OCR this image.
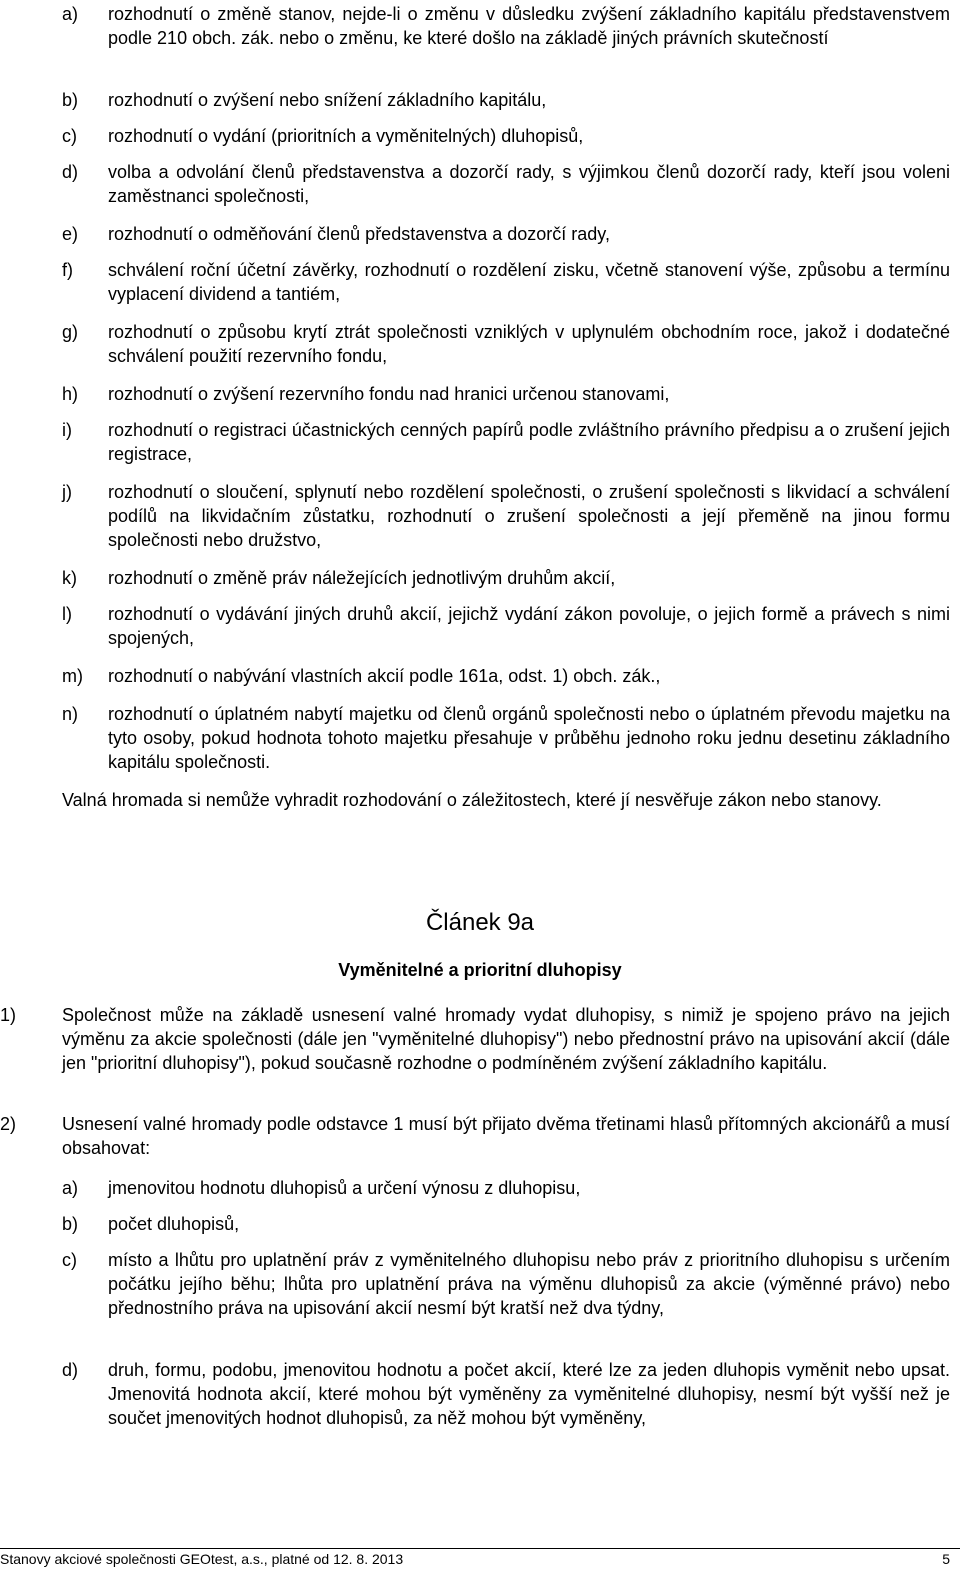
a)	rozhodnutí o změně stanov, nejde-li o změnu v důsledku zvýšení základního kapitálu představenstvem podle 210 obch. zák. nebo o změnu, ke které došlo na základě jiných právních skutečností
b)	rozhodnutí o zvýšení nebo snížení základního kapitálu,
c)	rozhodnutí o vydání (prioritních a vyměnitelných) dluhopisů,
d)	volba a odvolání členů představenstva a dozorčí rady, s výjimkou členů dozorčí rady, kteří jsou voleni zaměstnanci společnosti,
e)	rozhodnutí o odměňování členů představenstva a dozorčí rady,
f)	schválení roční účetní závěrky, rozhodnutí o rozdělení zisku, včetně stanovení výše, způsobu a termínu vyplacení dividend a tantiém,
g)	rozhodnutí o způsobu krytí ztrát společnosti vzniklých v uplynulém obchodním roce, jakož i dodatečné schválení použití rezervního fondu,
h)	rozhodnutí o zvýšení rezervního fondu nad hranici určenou stanovami,
i)	rozhodnutí o registraci účastnických cenných papírů podle zvláštního právního předpisu a o zrušení jejich registrace,
j)	rozhodnutí o sloučení, splynutí nebo rozdělení společnosti, o zrušení společnosti s likvidací a schválení podílů na likvidačním zůstatku, rozhodnutí o zrušení společnosti a její přeměně na jinou formu společnosti nebo družstvo,
k)	rozhodnutí o změně práv náležejících jednotlivým druhům akcií,
l)	rozhodnutí o vydávání jiných druhů akcií, jejichž vydání zákon povoluje, o jejich formě a právech s nimi spojených,
m)	rozhodnutí o nabývání vlastních akcií podle 161a, odst. 1) obch. zák.,
n)	rozhodnutí o úplatném nabytí majetku od členů orgánů společnosti nebo o úplatném převodu majetku na tyto osoby, pokud hodnota tohoto majetku přesahuje v průběhu jednoho roku jednu desetinu základního kapitálu společnosti.
Valná hromada si nemůže vyhradit rozhodování o záležitostech, které jí nesvěřuje zákon nebo stanovy.
Článek 9a
Vyměnitelné a prioritní dluhopisy
1)	Společnost může na základě usnesení valné hromady vydat dluhopisy, s nimiž je spojeno právo na jejich výměnu za akcie společnosti (dále jen "vyměnitelné dluhopisy") nebo přednostní právo na upisování akcií (dále jen "prioritní dluhopisy"), pokud současně rozhodne o podmíněném zvýšení základního kapitálu.
2)	Usnesení valné hromady podle odstavce 1 musí být přijato dvěma třetinami hlasů přítomných akcionářů a musí obsahovat:
a)	jmenovitou hodnotu dluhopisů a určení výnosu z dluhopisu,
b)	počet dluhopisů,
c)	místo a lhůtu pro uplatnění práv z vyměnitelného dluhopisu nebo práv z prioritního dluhopisu s určením počátku jejího běhu; lhůta pro uplatnění práva na výměnu dluhopisů za akcie (výměnné právo) nebo přednostního práva na upisování akcií nesmí být kratší než dva týdny,
d)	druh, formu, podobu, jmenovitou hodnotu a počet akcií, které lze za jeden dluhopis vyměnit nebo upsat. Jmenovitá hodnota akcií, které mohou být vyměněny za vyměnitelné dluhopisy, nesmí být vyšší než je součet jmenovitých hodnot dluhopisů, za něž mohou být vyměněny,
Stanovy akciové společnosti GEOtest, a.s., platné od 12. 8. 2013	5
